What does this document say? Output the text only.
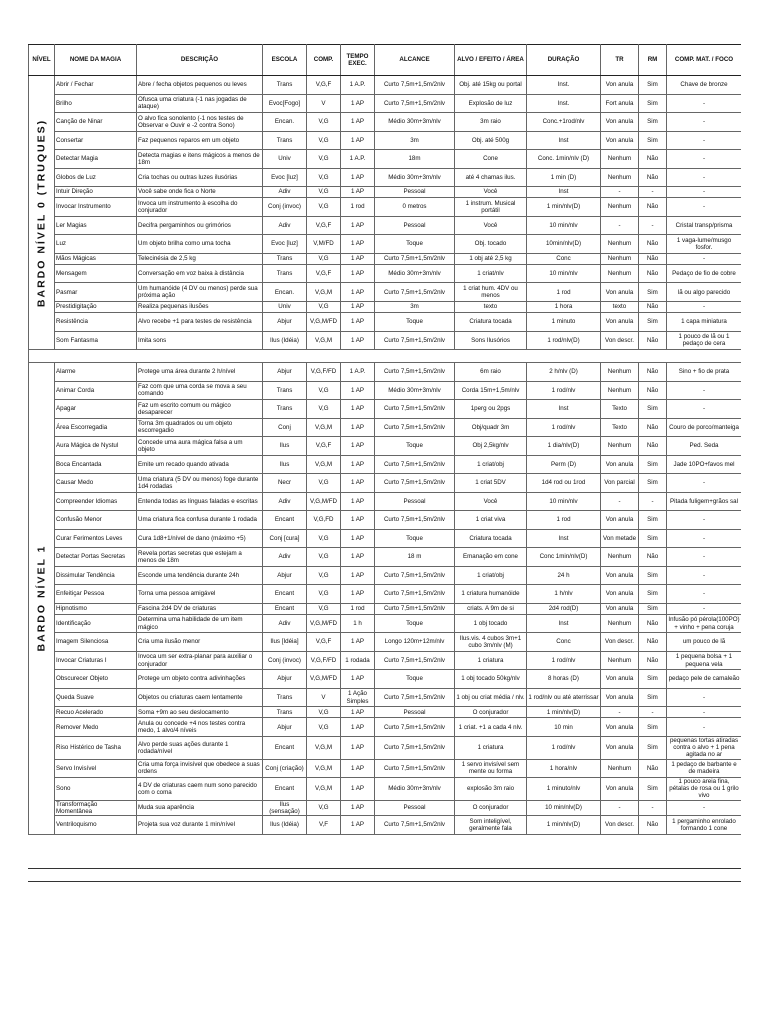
NÍVEL	NOME DA MAGIA	DESCRIÇÃO	ESCOLA	COMP.	TEMPO EXEC.	ALCANCE	ALVO / EFEITO / ÁREA	DURAÇÃO	TR	RM	COMP. MAT. / FOCO

BARDO NÍVEL 0 (TRUQUES)	Abrir / Fechar	Abre / fecha objetos pequenos ou leves	Trans	V,G,F	1 A.P.	Curto 7,5m+1,5m/2nlv	Obj. até 15kg ou portal	Inst.	Von anula	Sim	Chave de bronze
	Brilho	Ofusca uma criatura (-1 nas jogadas de ataque)	Evoc[Fogo]	V	1 AP	Curto 7,5m+1,5m/2nlv	Explosão de luz	Inst.	Fort anula	Sim	-
	Canção de Ninar	O alvo fica sonolento (-1 nos testes de Observar e Ouvir e -2 contra Sono)	Encan.	V,G	1 AP	Médio 30m+3m/nlv	3m raio	Conc.+1rod/nlv	Von anula	Sim	-
	Consertar	Faz pequenos reparos em um objeto	Trans	V,G	1 AP	3m	Obj. até 500g	Inst	Von anula	Sim	-
	Detectar Magia	Detecta magias e itens mágicos a menos de 18m	Univ	V,G	1 A.P.	18m	Cone	Conc. 1min/nlv (D)	Nenhum	Não	-
	Globos de Luz	Cria tochas ou outras luzes ilusórias	Evoc [luz]	V,G	1 AP	Médio 30m+3m/nlv	até 4 chamas ilus.	1 min (D)	Nenhum	Não	-
	Intuir Direção	Você sabe onde fica o Norte	Adiv	V,G	1 AP	Pessoal	Você	Inst	-	-	-
	Invocar Instrumento	Invoca um instrumento à escolha do conjurador	Conj (invoc)	V,G	1 rod	0 metros	1 instrum. Musical portátil	1 min/nlv(D)	Nenhum	Não	-
	Ler Magias	Decifra pergaminhos ou grimórios	Adiv	V,G,F	1 AP	Pessoal	Você	10 min/nlv	-	-	Cristal transp/prisma
	Luz	Um objeto brilha como uma tocha	Evoc [luz]	V,M/FD	1 AP	Toque	Obj. tocado	10min/nlv(D)	Nenhum	Não	1 vaga-lume/musgo fosfor.
	Mãos Mágicas	Telecinésia de 2,5 kg	Trans	V,G	1 AP	Curto 7,5m+1,5m/2nlv	1 obj até 2,5 kg	Conc	Nenhum	Não	-
	Mensagem	Conversação em voz baixa à distância	Trans	V,G,F	1 AP	Médio 30m+3m/nlv	1 criat/nlv	10 min/nlv	Nenhum	Não	Pedaço de fio de cobre
	Pasmar	Um humanóide (4 DV ou menos) perde sua próxima ação	Encan.	V,G,M	1 AP	Curto 7,5m+1,5m/2nlv	1 criat hum. 4DV ou menos	1 rod	Von anula	Sim	lã ou algo parecido
	Prestidigitação	Realiza pequenas ilusões	Univ	V,G	1 AP	3m	texto	1 hora	texto	Não	-
	Resistência	Alvo recebe +1 para testes de resistência	Abjur	V,G,M/FD	1 AP	Toque	Criatura tocada	1 minuto	Von anula	Sim	1 capa miniatura
	Som Fantasma	Imita sons	Ilus (Idéia)	V,G,M	1 AP	Curto 7,5m+1,5m/2nlv	Sons Ilusórios	1 rod/nlv(D)	Von descr.	Não	1 pouco de lã ou 1 pedaço de cera

BARDO NÍVEL 1	Alarme	Protege uma área durante 2 h/nível	Abjur	V,G,F/FD	1 A.P.	Curto 7,5m+1,5m/2nlv	6m raio	2 h/nlv (D)	Nenhum	Não	Sino + fio de prata
	Animar Corda	Faz com que uma corda se mova a seu comando	Trans	V,G	1 AP	Médio 30m+3m/nlv	Corda 15m+1,5m/nlv	1 rod/nlv	Nenhum	Não	-
	Apagar	Faz um escrito comum ou mágico desaparecer	Trans	V,G	1 AP	Curto 7,5m+1,5m/2nlv	1perg ou 2pgs	Inst	Texto	Sim	-
	Área Escorregadia	Torna 3m quadrados ou um objeto escorregadio	Conj	V,G,M	1 AP	Curto 7,5m+1,5m/2nlv	Obj/quadr 3m	1 rod/nlv	Texto	Não	Couro de porco/manteiga
	Aura Mágica de Nystul	Concede uma aura mágica falsa a um objeto	Ilus	V,G,F	1 AP	Toque	Obj 2,5kg/nlv	1 dia/nlv(D)	Nenhum	Não	Ped. Seda
	Boca Encantada	Emite um recado quando ativada	Ilus	V,G,M	1 AP	Curto 7,5m+1,5m/2nlv	1 criat/obj	Perm (D)	Von anula	Sim	Jade 10PO+favos mel
	Causar Medo	Uma criatura (5 DV ou menos) foge durante 1d4 rodadas	Necr	V,G	1 AP	Curto 7,5m+1,5m/2nlv	1 criat 5DV	1d4 rod ou 1rod	Von parcial	Sim	-
	Compreender Idiomas	Entenda todas as línguas faladas e escritas	Adiv	V,G,M/FD	1 AP	Pessoal	Você	10 min/nlv	-	-	Pitada fuligem+grãos sal
	Confusão Menor	Uma criatura fica confusa durante 1 rodada	Encant	V,G,FD	1 AP	Curto 7,5m+1,5m/2nlv	1 criat viva	1 rod	Von anula	Sim	-
	Curar Ferimentos Leves	Cura 1d8+1/nível de dano (máximo +5)	Conj [cura]	V,G	1 AP	Toque	Criatura tocada	Inst	Von metade	Sim	-
	Detectar Portas Secretas	Revela portas secretas que estejam a menos de 18m	Adiv	V,G	1 AP	18 m	Emanação em cone	Conc 1min/nlv(D)	Nenhum	Não	-
	Dissimular Tendência	Esconde uma tendência durante 24h	Abjur	V,G	1 AP	Curto 7,5m+1,5m/2nlv	1 criat/obj	24 h	Von anula	Sim	-
	Enfeitiçar Pessoa	Torna uma pessoa amigável	Encant	V,G	1 AP	Curto 7,5m+1,5m/2nlv	1 criatura humanóide	1 h/nlv	Von anula	Sim	-
	Hipnotismo	Fascina 2d4 DV de criaturas	Encant	V,G	1 rod	Curto 7,5m+1,5m/2nlv	criats. A 9m de si	2d4 rod(D)	Von anula	Sim	-
	Identificação	Determina uma habilidade de um item mágico	Adiv	V,G,M/FD	1 h	Toque	1 obj tocado	Inst	Nenhum	Não	Infusão pó pérola(100PO) + vinho + pena coruja
	Imagem Silenciosa	Cria uma ilusão menor	Ilus [Idéia]	V,G,F	1 AP	Longo 120m+12m/nlv	Ilus.vis. 4 cubos 3m+1 cubo 3m/nlv (M)	Conc	Von descr.	Não	um pouco de lã
	Invocar Criaturas I	Invoca um ser extra-planar para auxiliar o conjurador	Conj (invoc)	V,G,F/FD	1 rodada	Curto 7,5m+1,5m/2nlv	1 criatura	1 rod/nlv	Nenhum	Não	1 pequena bolsa + 1 pequena vela
	Obscurecer Objeto	Protege um objeto contra adivinhações	Abjur	V,G,M/FD	1 AP	Toque	1 obj tocado 50kg/nlv	8 horas (D)	Von anula	Sim	pedaço pele de camaleão
	Queda Suave	Objetos ou criaturas caem lentamente	Trans	V	1 Ação Simples	Curto 7,5m+1,5m/2nlv	1 obj ou criat média / nlv.	1 rod/nlv ou até aterrissar	Von anula	Sim	-
	Recuo Acelerado	Soma +9m ao seu deslocamento	Trans	V,G	1 AP	Pessoal	O conjurador	1 min/nlv(D)	-	-	-
	Remover Medo	Anula ou concede +4 nos testes contra medo, 1 alvo/4 níveis	Abjur	V,G	1 AP	Curto 7,5m+1,5m/2nlv	1 criat. +1 a cada 4 nlv.	10 min	Von anula	Sim	-
	Riso Histérico de Tasha	Alvo perde suas ações durante 1 rodada/nível	Encant	V,G,M	1 AP	Curto 7,5m+1,5m/2nlv	1 criatura	1 rod/nlv	Von anula	Sim	pequenas tortas atiradas contra o alvo + 1 pena agitada no ar
	Servo Invisível	Cria uma força invisível que obedece a suas ordens	Conj (criação)	V,G,M	1 AP	Curto 7,5m+1,5m/2nlv	1 servo invisível sem mente ou forma	1 hora/nlv	Nenhum	Não	1 pedaço de barbante e de madeira
	Sono	4 DV de criaturas caem num sono parecido com o coma	Encant	V,G,M	1 AP	Médio 30m+3m/nlv	explosão 3m raio	1 minuto/nlv	Von anula	Sim	1 pouco areia fina, pétalas de rosa ou 1 grilo vivo
	Transformação Momentânea	Muda sua aparência	Ilus (sensação)	V,G	1 AP	Pessoal	O conjurador	10 min/nlv(D)	-	-	-
	Ventriloquismo	Projeta sua voz durante 1 min/nível	Ilus (Idéia)	V,F	1 AP	Curto 7,5m+1,5m/2nlv	Som inteligível, geralmente fala	1 min/nlv(D)	Von descr.	Não	1 pergaminho enrolado formando 1 cone
